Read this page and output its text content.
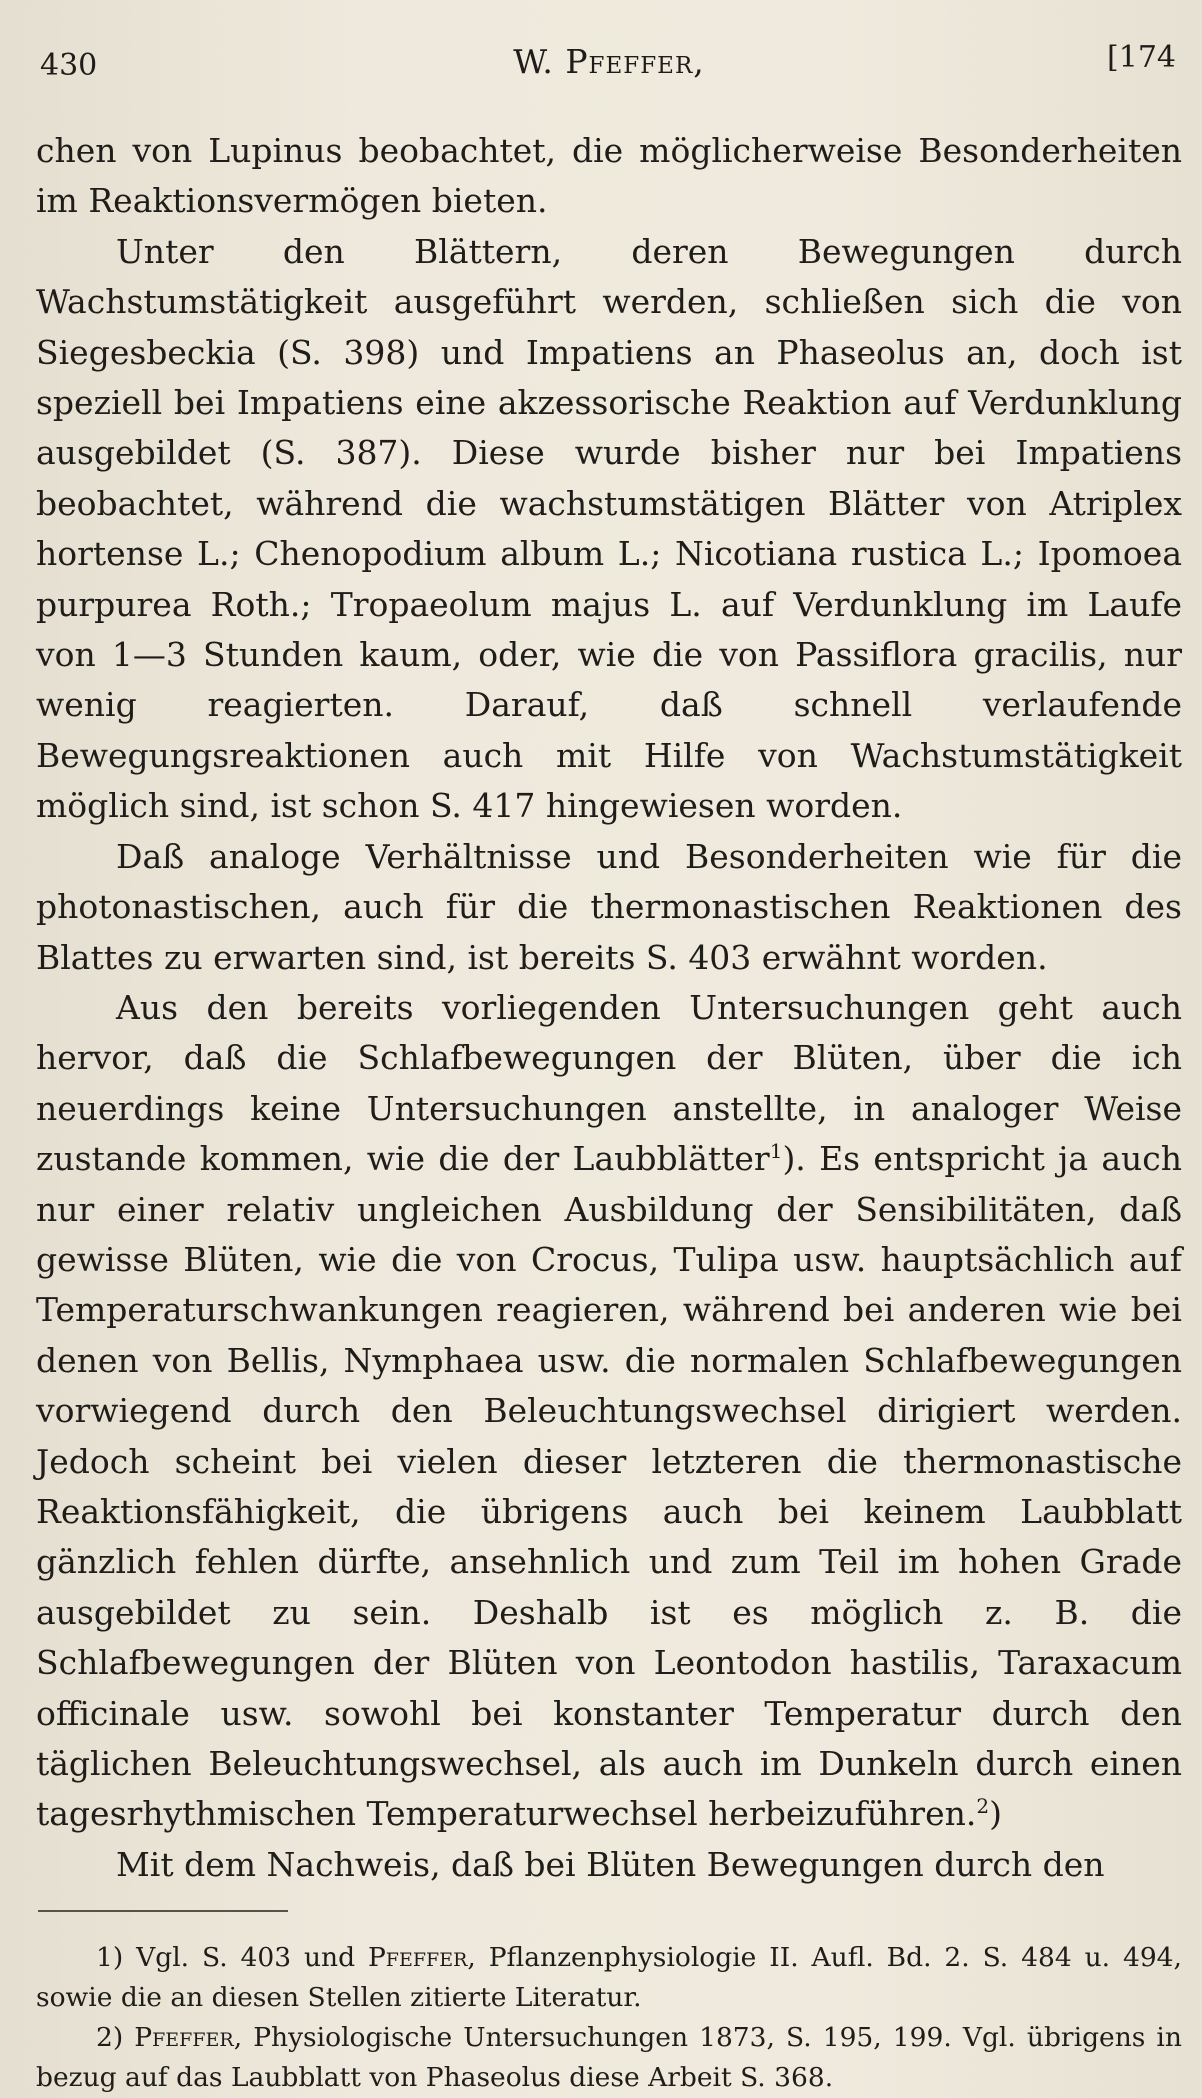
430	W. Pfeffer,	[174

chen von Lupinus beobachtet, die möglicherweise Besonderheiten im Reaktionsvermögen bieten.

Unter den Blättern, deren Bewegungen durch Wachstumstätigkeit ausgeführt werden, schließen sich die von Siegesbeckia (S. 398) und Impatiens an Phaseolus an, doch ist speziell bei Impatiens eine akzessorische Reaktion auf Verdunklung ausgebildet (S. 387). Diese wurde bisher nur bei Impatiens beobachtet, während die wachstumstätigen Blätter von Atriplex hortense L.; Chenopodium album L.; Nicotiana rustica L.; Ipomoea purpurea Roth.; Tropaeolum majus L. auf Verdunklung im Laufe von 1—3 Stunden kaum, oder, wie die von Passiflora gracilis, nur wenig reagierten. Darauf, daß schnell verlaufende Bewegungsreaktionen auch mit Hilfe von Wachstumstätigkeit möglich sind, ist schon S. 417 hingewiesen worden.

Daß analoge Verhältnisse und Besonderheiten wie für die photonastischen, auch für die thermonastischen Reaktionen des Blattes zu erwarten sind, ist bereits S. 403 erwähnt worden.

Aus den bereits vorliegenden Untersuchungen geht auch hervor, daß die Schlafbewegungen der Blüten, über die ich neuerdings keine Untersuchungen anstellte, in analoger Weise zustande kommen, wie die der Laubblätter$^1$). Es entspricht ja auch nur einer relativ ungleichen Ausbildung der Sensibilitäten, daß gewisse Blüten, wie die von Crocus, Tulipa usw. hauptsächlich auf Temperaturschwankungen reagieren, während bei anderen wie bei denen von Bellis, Nymphaea usw. die normalen Schlafbewegungen vorwiegend durch den Beleuchtungswechsel dirigiert werden. Jedoch scheint bei vielen dieser letzteren die thermonastische Reaktionsfähigkeit, die übrigens auch bei keinem Laubblatt gänzlich fehlen dürfte, ansehnlich und zum Teil im hohen Grade ausgebildet zu sein. Deshalb ist es möglich z. B. die Schlafbewegungen der Blüten von Leontodon hastilis, Taraxacum officinale usw. sowohl bei konstanter Temperatur durch den täglichen Beleuchtungswechsel, als auch im Dunkeln durch einen tagesrhythmischen Temperaturwechsel herbeizuführen.$^2$)

Mit dem Nachweis, daß bei Blüten Bewegungen durch den

1) Vgl. S. 403 und Pfeffer, Pflanzenphysiologie II. Aufl. Bd. 2. S. 484 u. 494, sowie die an diesen Stellen zitierte Literatur.

2) Pfeffer, Physiologische Untersuchungen 1873, S. 195, 199. Vgl. übrigens in bezug auf das Laubblatt von Phaseolus diese Arbeit S. 368.
